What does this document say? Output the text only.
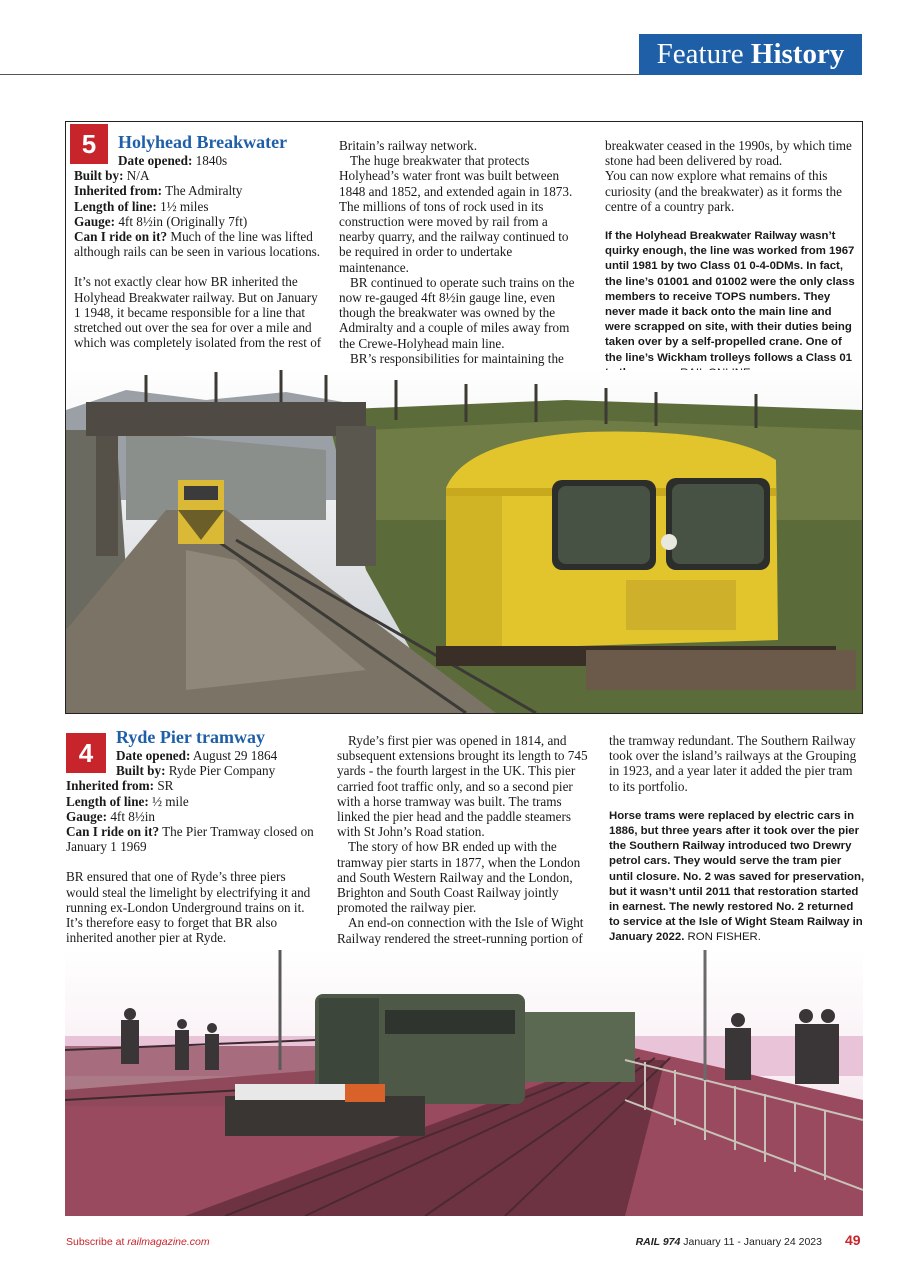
Feature History
5	Holyhead Breakwater

Date opened: 1840s

Built by: N/A

Inherited from: The Admiralty

Length of line: 1½ miles

Gauge: 4ft 8½in (Originally 7ft)

Can I ride on it? Much of the line was lifted although rails can be seen in various locations.

It’s not exactly clear how BR inherited the Holyhead Breakwater railway. But on January 1 1948, it became responsible for a line that stretched out over the sea for over a mile and which was completely isolated from the rest of

Britain’s railway network.

The huge breakwater that protects Holyhead’s water front was built between 1848 and 1852, and extended again in 1873. The millions of tons of rock used in its construction were moved by rail from a nearby quarry, and the railway continued to be required in order to undertake maintenance.

BR continued to operate such trains on the now re-gauged 4ft 8½in gauge line, even though the breakwater was owned by the Admiralty and a couple of miles away from the Crewe-Holyhead main line.

BR’s responsibilities for maintaining the

breakwater ceased in the 1990s, by which time stone had been delivered by road.

You can now explore what remains of this curiosity (and the breakwater) as it forms the centre of a country park.

If the Holyhead Breakwater Railway wasn’t quirky enough, the line was worked from 1967 until 1981 by two Class 01 0-4-0DMs. In fact, the line’s 01001 and 01002 were the only class members to receive TOPS numbers. They never made it back onto the main line and were scrapped on site, with their duties being taken over by a self-propelled crane. One of the line’s Wickham trolleys follows a Class 01

4
Ryde Pier tramway

Date opened: August 29 1864

Built by: Ryde Pier Company

Inherited from: SR

Length of line: ½ mile

Gauge: 4ft 8½in

Can I ride on it? The Pier Tramway closed on January 1 1969

BR ensured that one of Ryde’s three piers would steal the limelight by electrifying it and running ex-London Underground trains on it. It’s therefore easy to forget that BR also inherited another pier at Ryde.

Ryde’s first pier was opened in 1814, and subsequent extensions brought its length to 745 yards - the fourth largest in the UK. This pier carried foot traffic only, and so a second pier with a horse tramway was built. The trams linked the pier head and the paddle steamers with St John’s Road station.

The story of how BR ended up with the tramway pier starts in 1877, when the London and South Western Railway and the London, Brighton and South Coast Railway jointly promoted the railway pier.

An end-on connection with the Isle of Wight Railway rendered the street-running portion of

the tramway redundant. The Southern Railway took over the island’s railways at the Grouping in 1923, and a year later it added the pier tram to its portfolio.

Horse trams were replaced by electric cars in 1886, but three years after it took over the pier the Southern Railway introduced two Drewry petrol cars. They would serve the tram pier until closure. No. 2 was saved for preservation, but it wasn’t until 2011 that restoration started in earnest. The newly restored No. 2 returned to service at the Isle of Wight Steam Railway in January 2022. RON FISHER.

Subscribe at railmagazine.com	RAIL 974 January 11 - January 24 2023 49
